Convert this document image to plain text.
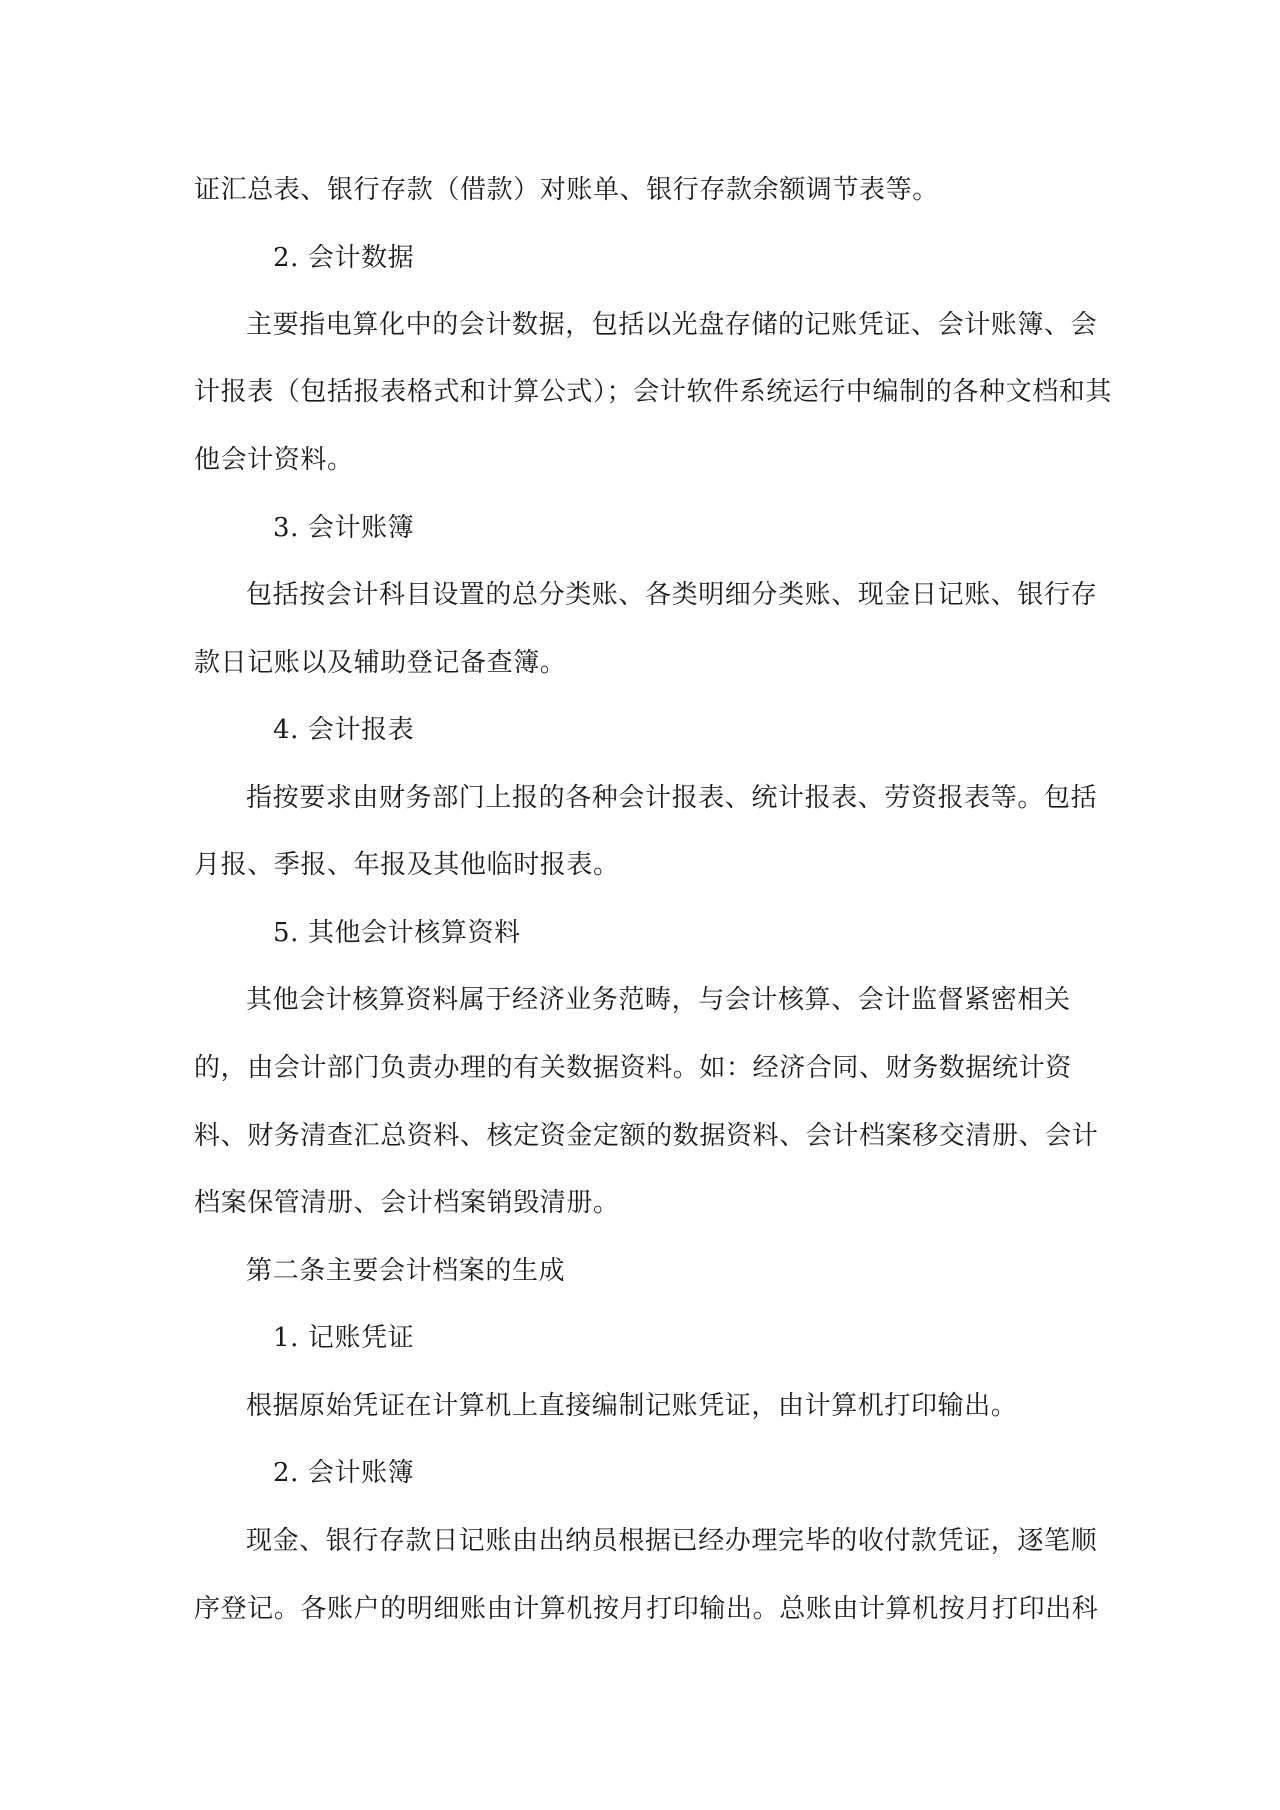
证汇总表、银行存款（借款）对账单、银行存款余额调节表等。
2. 会计数据
主要指电算化中的会计数据，包括以光盘存储的记账凭证、会计账簿、会
计报表（包括报表格式和计算公式）；会计软件系统运行中编制的各种文档和其
他会计资料。
3. 会计账簿
包括按会计科目设置的总分类账、各类明细分类账、现金日记账、银行存
款日记账以及辅助登记备查簿。
4. 会计报表
指按要求由财务部门上报的各种会计报表、统计报表、劳资报表等。包括
月报、季报、年报及其他临时报表。
5. 其他会计核算资料
其他会计核算资料属于经济业务范畴，与会计核算、会计监督紧密相关
的，由会计部门负责办理的有关数据资料。如：经济合同、财务数据统计资
料、财务清查汇总资料、核定资金定额的数据资料、会计档案移交清册、会计
档案保管清册、会计档案销毁清册。
第二条主要会计档案的生成
1. 记账凭证
根据原始凭证在计算机上直接编制记账凭证，由计算机打印输出。
2. 会计账簿
现金、银行存款日记账由出纳员根据已经办理完毕的收付款凭证，逐笔顺
序登记。各账户的明细账由计算机按月打印输出。总账由计算机按月打印出科
